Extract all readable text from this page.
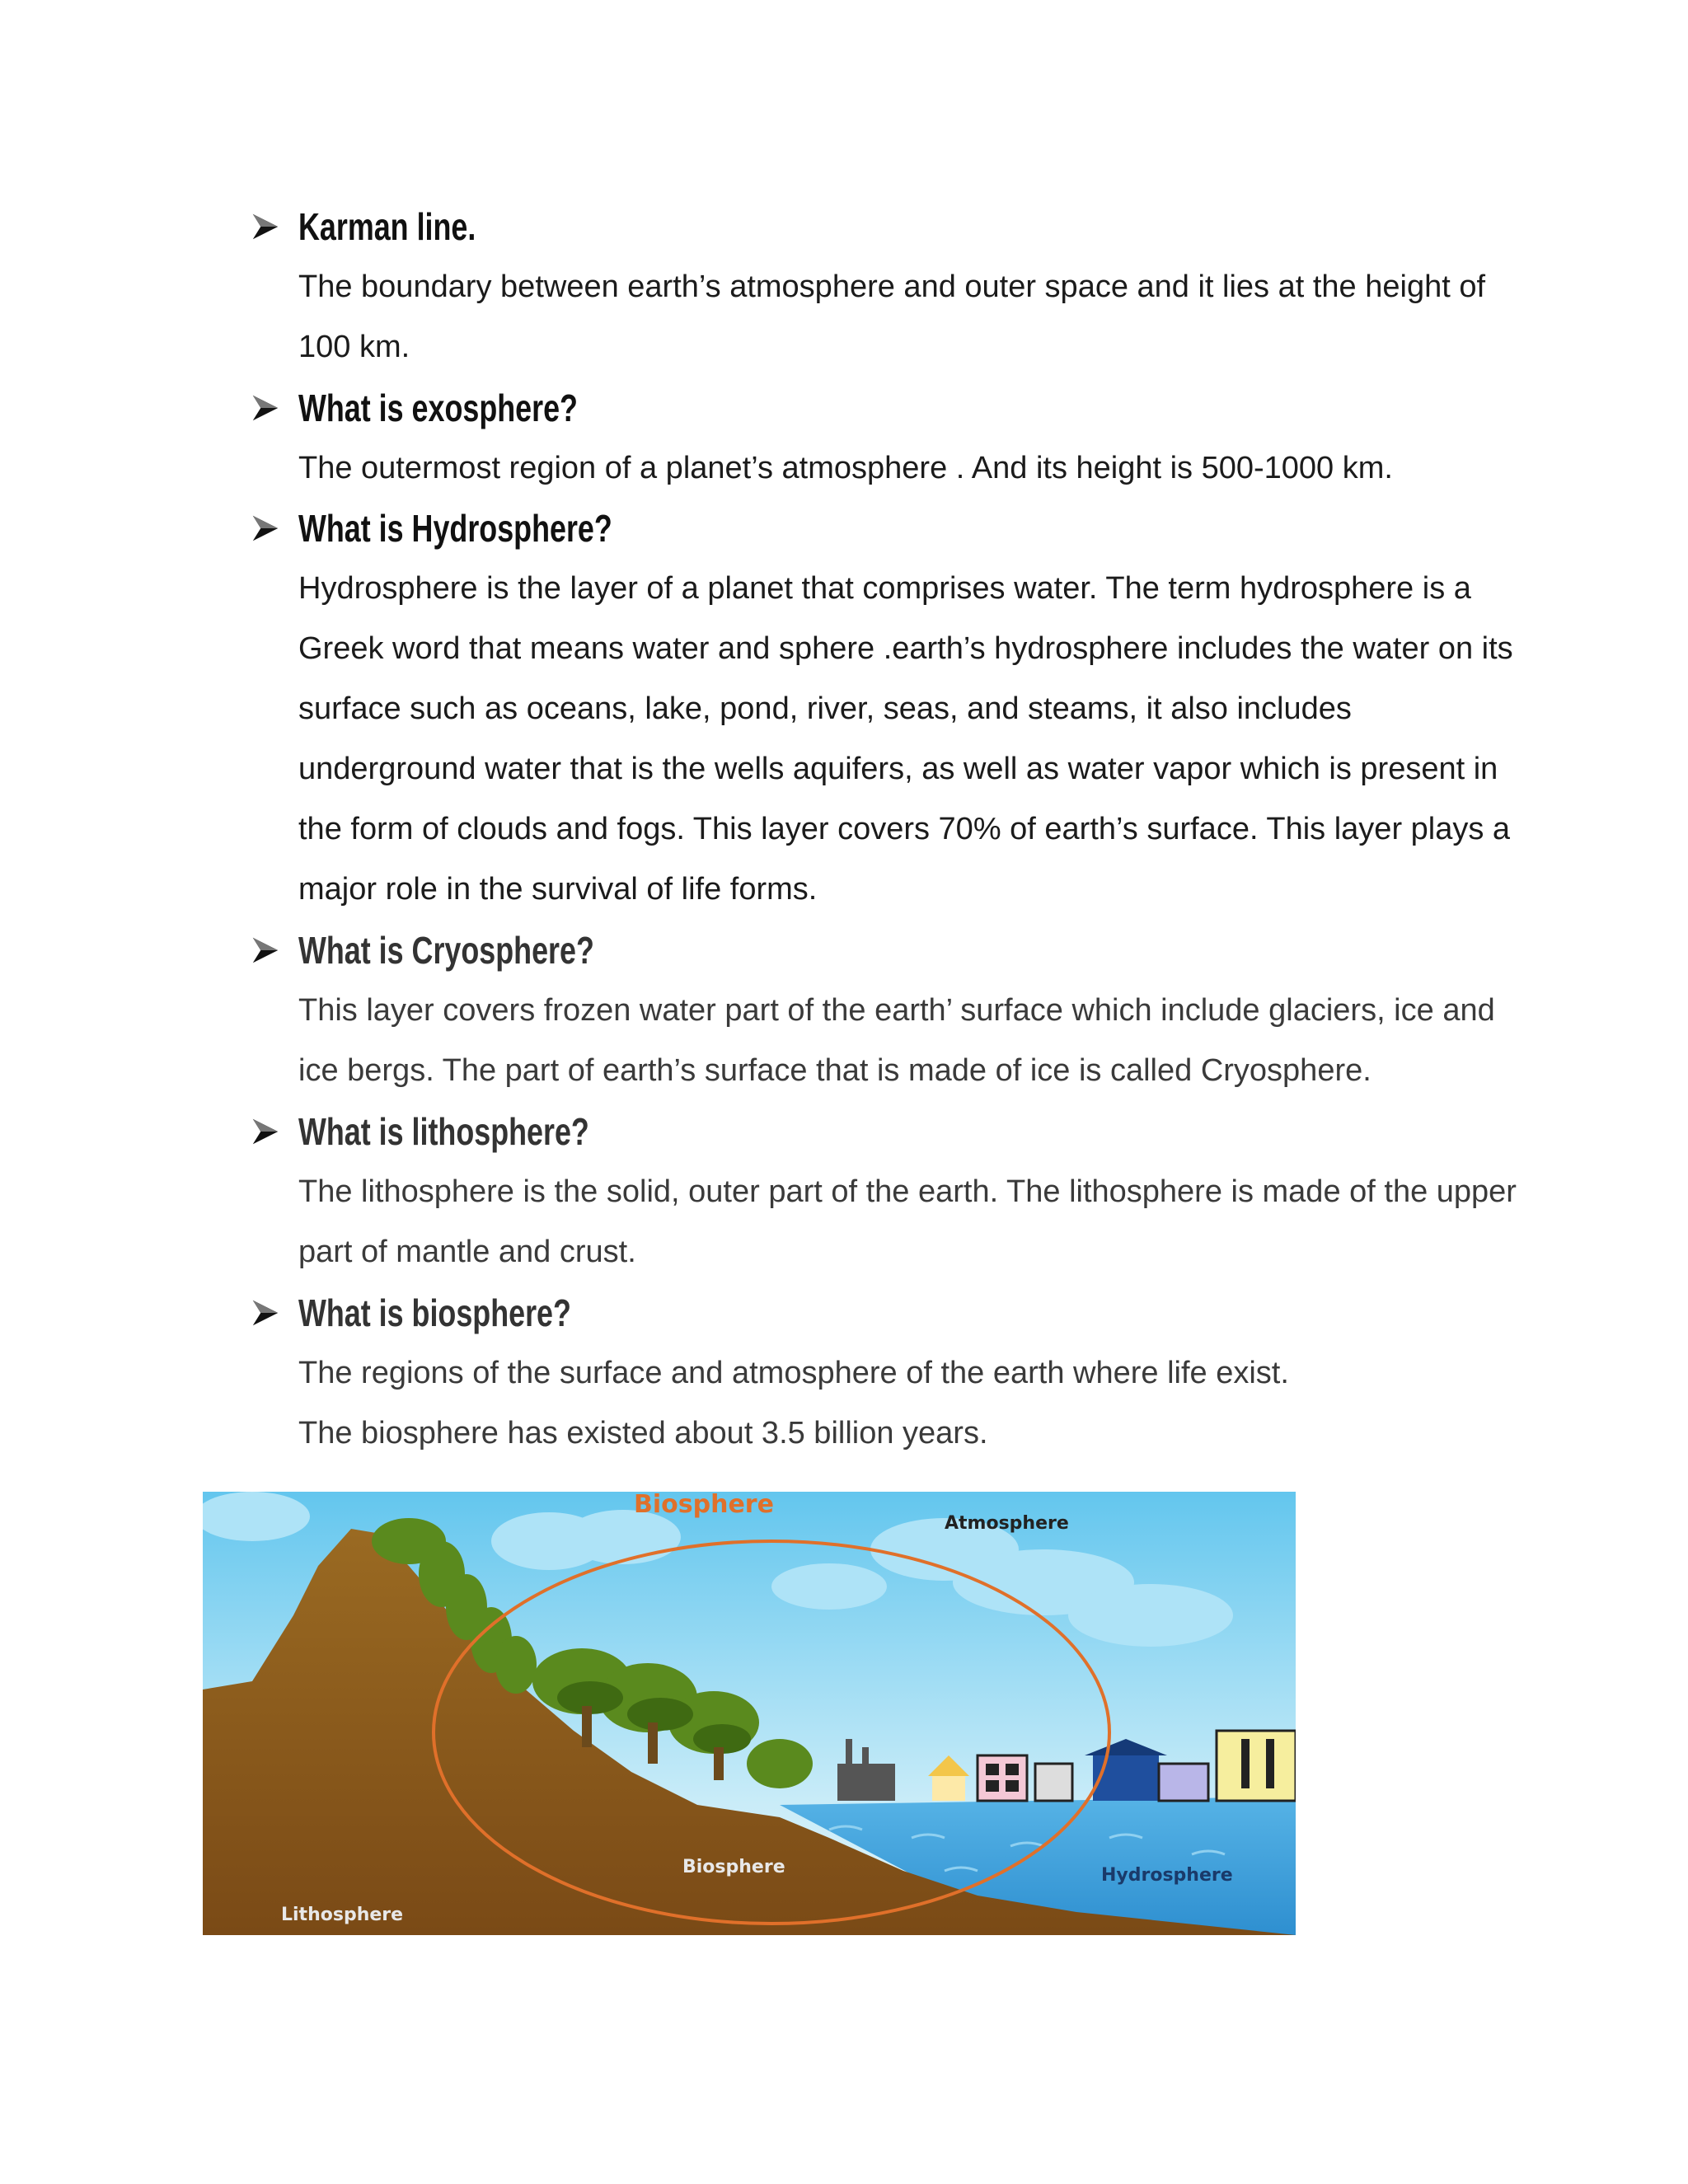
Karman line.
The boundary between earth’s atmosphere and outer space and it lies at the height of 100 km.
What is exosphere?
The outermost region of a planet’s atmosphere . And its height is 500-1000 km.
What is Hydrosphere?
Hydrosphere is the layer of a planet that comprises water. The term hydrosphere is a Greek word that means water and sphere .earth’s hydrosphere includes the water on its surface such as oceans, lake, pond, river, seas, and steams, it also includes underground water that is the wells aquifers, as well as water vapor which is present in the form of clouds and fogs. This layer covers 70% of earth’s surface. This layer plays a major role in the survival of life forms.
What is Cryosphere?
This layer covers frozen water part of the earth’ surface which include glaciers, ice and ice bergs. The part of earth’s surface that is made of ice is called Cryosphere.
What is lithosphere?
The lithosphere is the solid, outer part of the earth. The lithosphere is made of the upper part of mantle and crust.
What is biosphere?
The regions of the surface and atmosphere of the earth where life exist.
The biosphere has existed about 3.5 billion years.
Biosphere
Atmosphere
Biosphere	Hydrosphere
Lithosphere
